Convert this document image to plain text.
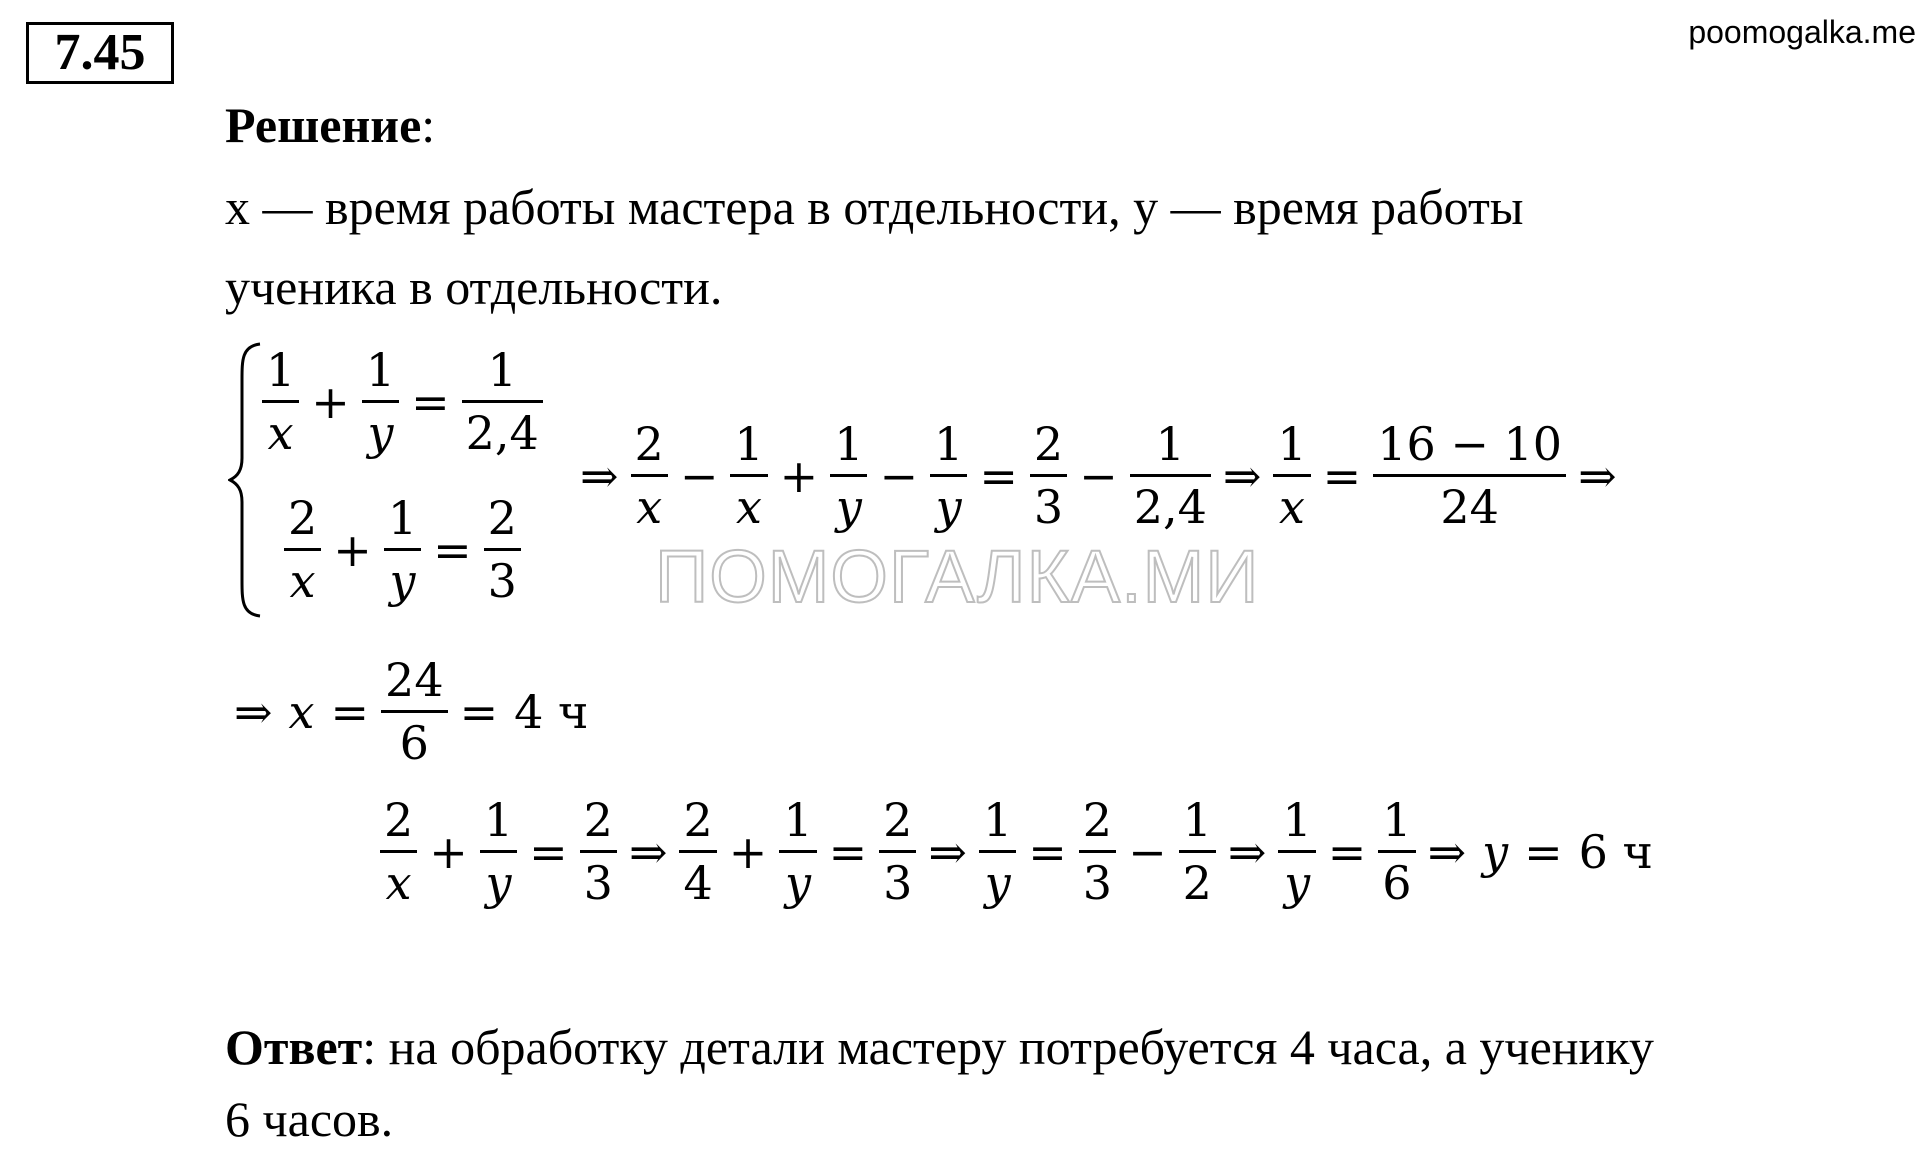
7.45	poomogalka.me
Решение:
x — время работы мастера в отдельности, y — время работы
ученика в отдельности.
$\frac{1}{x} + \frac{1}{y} = \frac{1}{2,4}$
$\frac{2}{x} + \frac{1}{y} = \frac{2}{3}$
⇒ $\frac{2}{x} - \frac{1}{x} + \frac{1}{y} - \frac{1}{y} = \frac{2}{3} - \frac{1}{2,4}$ ⇒ $\frac{1}{x} = \frac{16 - 10}{24}$ ⇒
ПОМОГАЛКА.МИ
⇒ $x = \frac{24}{6} = 4$ ч
$\frac{2}{x} + \frac{1}{y} = \frac{2}{3}$ ⇒ $\frac{2}{4} + \frac{1}{y} = \frac{2}{3}$ ⇒ $\frac{1}{y} = \frac{2}{3} - \frac{1}{2}$ ⇒ $\frac{1}{y} = \frac{1}{6}$ ⇒ y = 6 ч
Ответ: на обработку детали мастеру потребуется 4 часа, а ученику
6 часов.
